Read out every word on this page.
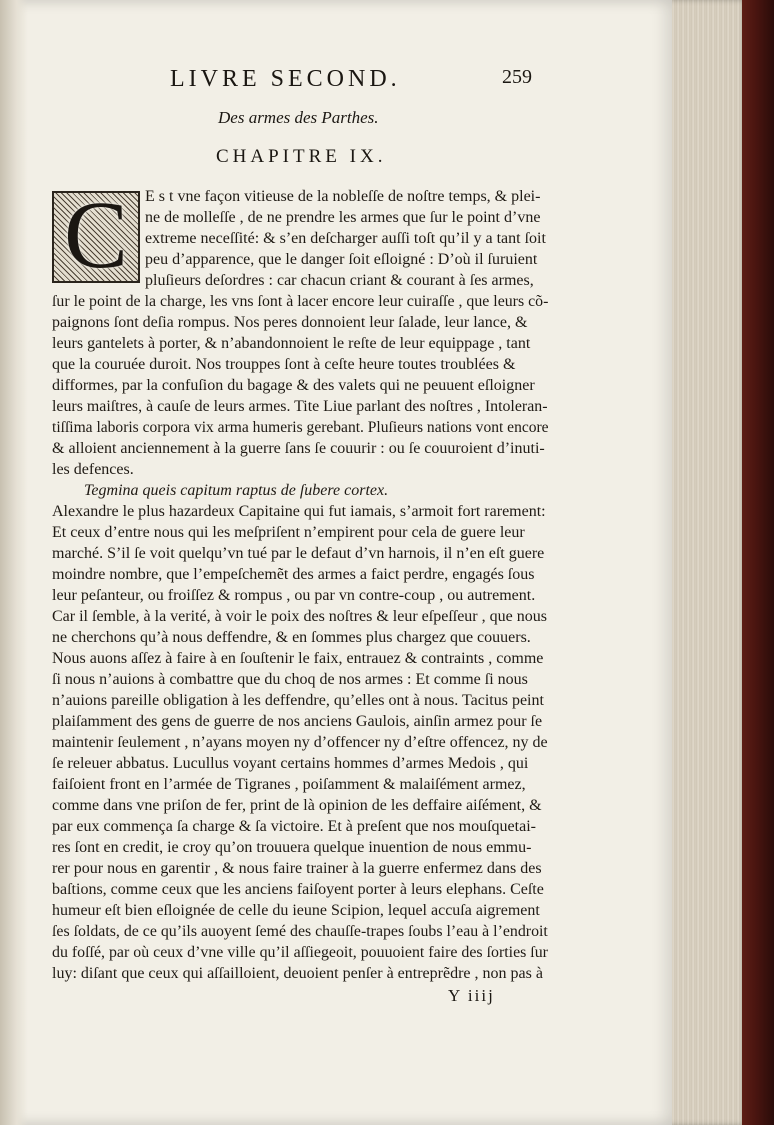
LIVRE SECOND.	259
Des armes des Parthes.
CHAPITRE IX.
C	E s t vne façon vitieuse de la nobleſſe de noſtre temps, & plei-
ne de molleſſe , de ne prendre les armes que ſur le point d’vne
extreme neceſſité: & s’en deſcharger auſſi toſt qu’il y a tant ſoit
peu d’apparence, que le danger ſoit eſloigné : D’où il ſuruient
pluſieurs deſordres : car chacun criant & courant à ſes armes,
ſur le point de la charge, les vns ſont à lacer encore leur cuiraſſe , que leurs cõ-
paignons ſont deſia rompus. Nos peres donnoient leur ſalade, leur lance, &
leurs gantelets à porter, & n’abandonnoient le reſte de leur equippage , tant
que la couruée duroit. Nos trouppes ſont à ceſte heure toutes troublées &
difformes, par la confuſion du bagage & des valets qui ne peuuent eſloigner
leurs maiſtres, à cauſe de leurs armes. Tite Liue parlant des noſtres , Intoleran-
tiſſima laboris corpora vix arma humeris gerebant. Pluſieurs nations vont encore
& alloient anciennement à la guerre ſans ſe couurir : ou ſe couuroient d’inuti-
les defences.
Tegmina queis capitum raptus de ſubere cortex.
Alexandre le plus hazardeux Capitaine qui fut iamais, s’armoit fort rarement:
Et ceux d’entre nous qui les meſpriſent n’empirent pour cela de guere leur
marché. S’il ſe voit quelqu’vn tué par le defaut d’vn harnois, il n’en eſt guere
moindre nombre, que l’empeſchemẽt des armes a faict perdre, engagés ſous
leur peſanteur, ou froiſſez & rompus , ou par vn contre-coup , ou autrement.
Car il ſemble, à la verité, à voir le poix des noſtres & leur eſpeſſeur , que nous
ne cherchons qu’à nous deffendre, & en ſommes plus chargez que couuers.
Nous auons aſſez à faire à en ſouſtenir le faix, entrauez & contraints , comme
ſi nous n’auions à combattre que du choq de nos armes : Et comme ſi nous
n’auions pareille obligation à les deffendre, qu’elles ont à nous. Tacitus peint
plaiſamment des gens de guerre de nos anciens Gaulois, ainſin armez pour ſe
maintenir ſeulement , n’ayans moyen ny d’offencer ny d’eſtre offencez, ny de
ſe releuer abbatus. Lucullus voyant certains hommes d’armes Medois , qui
faiſoient front en l’armée de Tigranes , poiſamment & malaiſément armez,
comme dans vne priſon de fer, print de là opinion de les deffaire aiſément, &
par eux commença ſa charge & ſa victoire. Et à preſent que nos mouſquetai-
res ſont en credit, ie croy qu’on trouuera quelque inuention de nous emmu-
rer pour nous en garentir , & nous faire trainer à la guerre enfermez dans des
baſtions, comme ceux que les anciens faiſoyent porter à leurs elephans. Ceſte
humeur eſt bien eſloignée de celle du ieune Scipion, lequel accuſa aigrement
ſes ſoldats, de ce qu’ils auoyent ſemé des chauſſe-trapes ſoubs l’eau à l’endroit
du foſſé, par où ceux d’vne ville qu’il aſſiegeoit, pouuoient faire des ſorties ſur
luy: diſant que ceux qui aſſailloient, deuoient penſer à entreprẽdre , non pas à
Y iiij
